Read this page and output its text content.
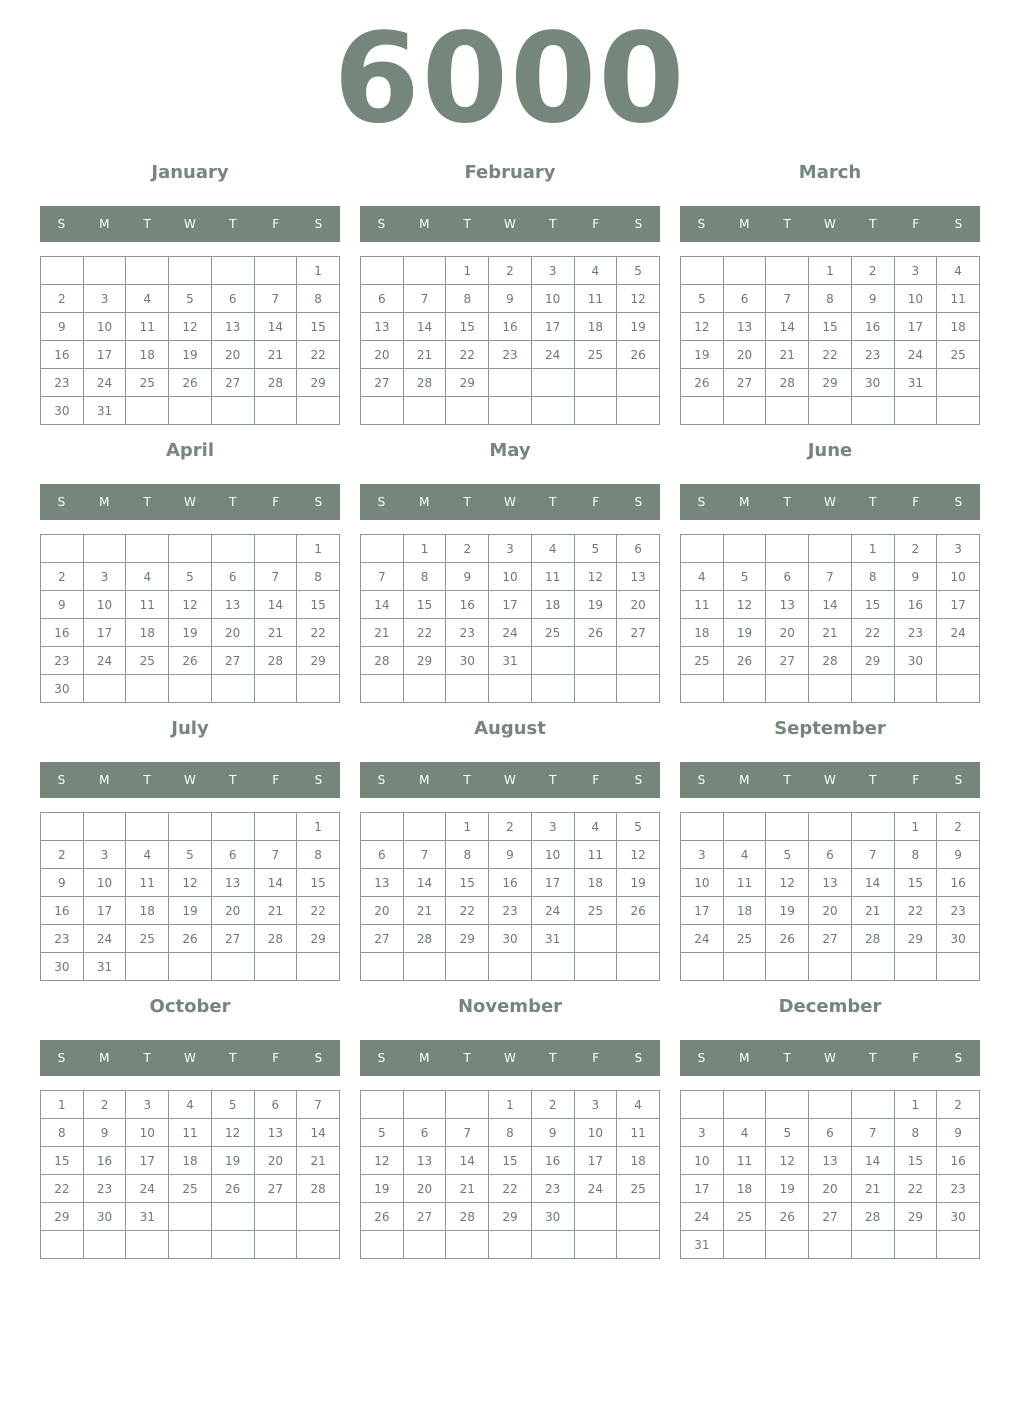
6000
January
S	M	T	W	T	F	S
						1
2	3	4	5	6	7	8
9	10	11	12	13	14	15
16	17	18	19	20	21	22
23	24	25	26	27	28	29
30	31					
February
S	M	T	W	T	F	S
		1	2	3	4	5
6	7	8	9	10	11	12
13	14	15	16	17	18	19
20	21	22	23	24	25	26
27	28	29				

March
S	M	T	W	T	F	S
			1	2	3	4
5	6	7	8	9	10	11
12	13	14	15	16	17	18
19	20	21	22	23	24	25
26	27	28	29	30	31	

April
S	M	T	W	T	F	S
						1
2	3	4	5	6	7	8
9	10	11	12	13	14	15
16	17	18	19	20	21	22
23	24	25	26	27	28	29
30						
May
S	M	T	W	T	F	S
	1	2	3	4	5	6
7	8	9	10	11	12	13
14	15	16	17	18	19	20
21	22	23	24	25	26	27
28	29	30	31			

June
S	M	T	W	T	F	S
				1	2	3
4	5	6	7	8	9	10
11	12	13	14	15	16	17
18	19	20	21	22	23	24
25	26	27	28	29	30	

July
S	M	T	W	T	F	S
						1
2	3	4	5	6	7	8
9	10	11	12	13	14	15
16	17	18	19	20	21	22
23	24	25	26	27	28	29
30	31					
August
S	M	T	W	T	F	S
		1	2	3	4	5
6	7	8	9	10	11	12
13	14	15	16	17	18	19
20	21	22	23	24	25	26
27	28	29	30	31		

September
S	M	T	W	T	F	S
					1	2
3	4	5	6	7	8	9
10	11	12	13	14	15	16
17	18	19	20	21	22	23
24	25	26	27	28	29	30

October
S	M	T	W	T	F	S
1	2	3	4	5	6	7
8	9	10	11	12	13	14
15	16	17	18	19	20	21
22	23	24	25	26	27	28
29	30	31				

November
S	M	T	W	T	F	S
			1	2	3	4
5	6	7	8	9	10	11
12	13	14	15	16	17	18
19	20	21	22	23	24	25
26	27	28	29	30		

December
S	M	T	W	T	F	S
					1	2
3	4	5	6	7	8	9
10	11	12	13	14	15	16
17	18	19	20	21	22	23
24	25	26	27	28	29	30
31						
